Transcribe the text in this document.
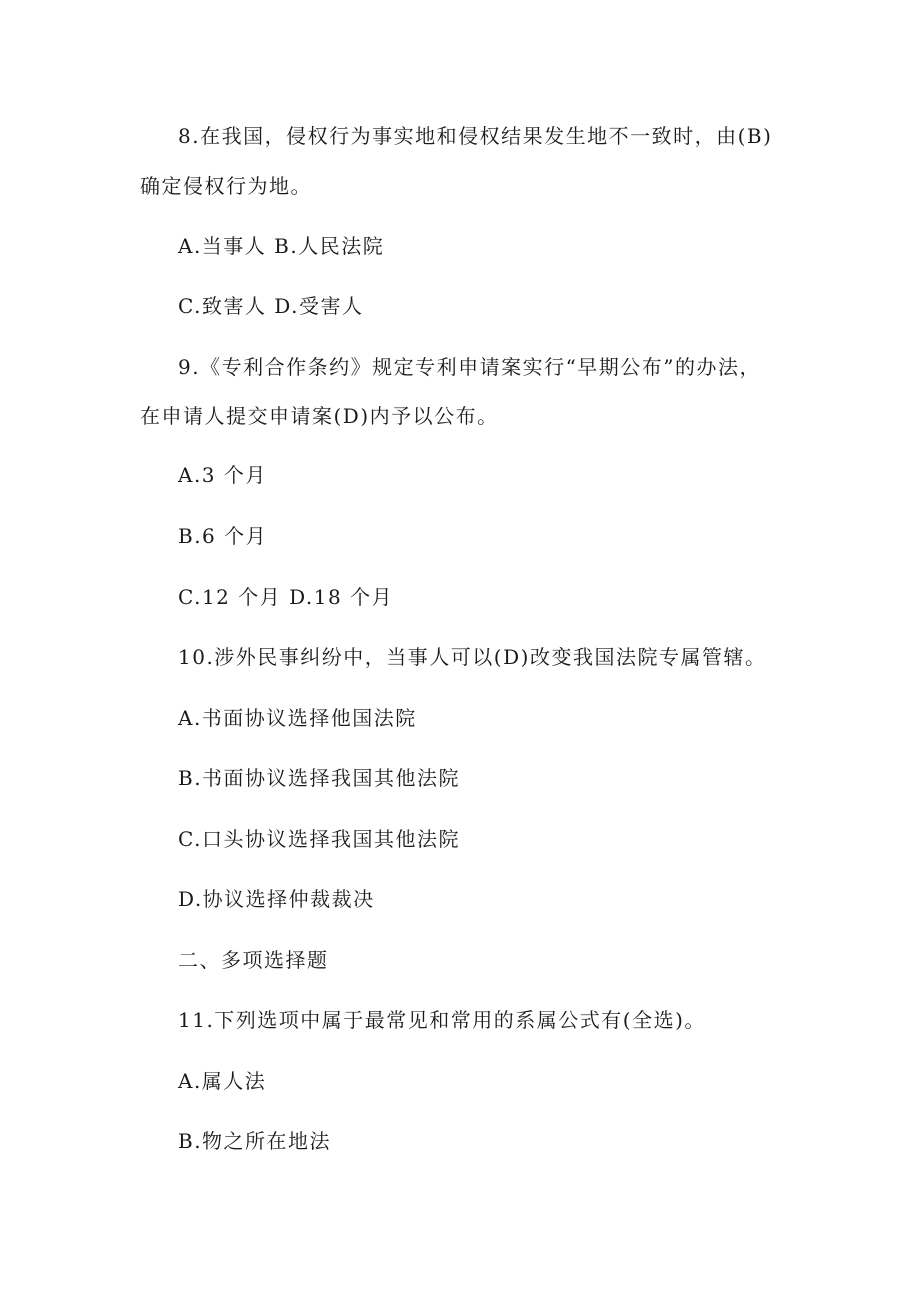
8.在我国，侵权行为事实地和侵权结果发生地不一致时，由(B)
确定侵权行为地。
A.当事人 B.人民法院
C.致害人 D.受害人
9.《专利合作条约》规定专利申请案实行“早期公布”的办法，
在申请人提交申请案(D)内予以公布。
A.3 个月
B.6 个月
C.12 个月 D.18 个月
10.涉外民事纠纷中，当事人可以(D)改变我国法院专属管辖。
A.书面协议选择他国法院
B.书面协议选择我国其他法院
C.口头协议选择我国其他法院
D.协议选择仲裁裁决
二、多项选择题
11.下列选项中属于最常见和常用的系属公式有(全选)。
A.属人法
B.物之所在地法
